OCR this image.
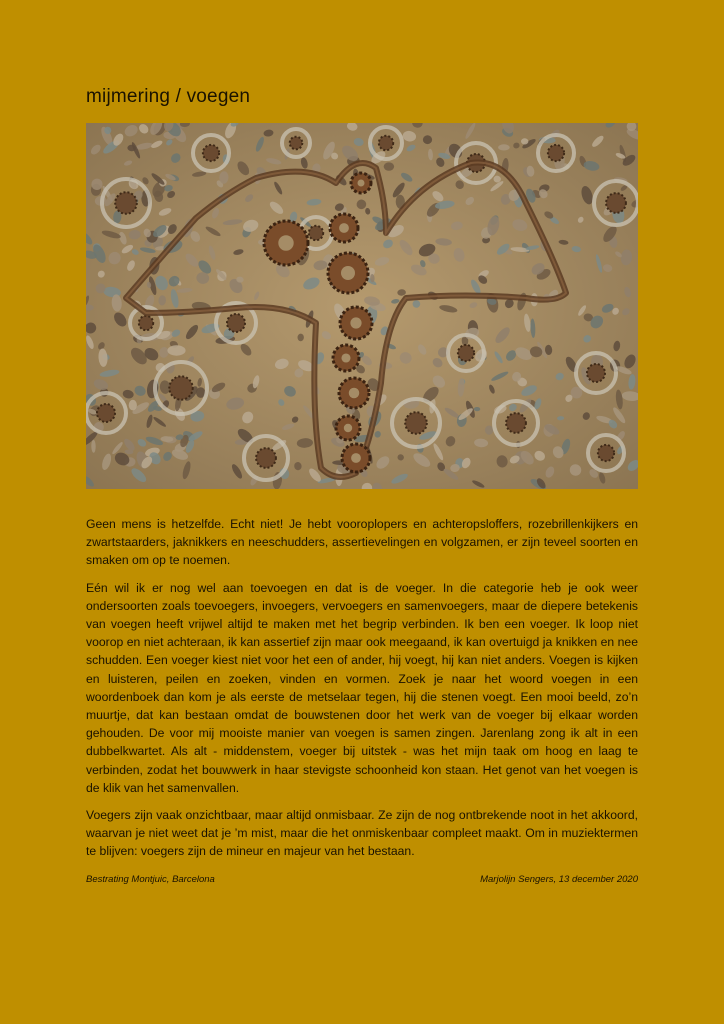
mijmering / voegen

Geen mens is hetzelfde. Echt niet! Je hebt vooroplopers en achteropsloffers, rozebrillenkijkers en zwartstaarders, jaknikkers en neeschudders, assertievelingen en volgzamen, er zijn teveel soorten en smaken om op te noemen.

Eén wil ik er nog wel aan toevoegen en dat is de voeger. In die categorie heb je ook weer ondersoorten zoals toevoegers, invoegers, vervoegers en samenvoegers, maar de diepere betekenis van voegen heeft vrijwel altijd te maken met het begrip verbinden. Ik ben een voeger. Ik loop niet voorop en niet achteraan, ik kan assertief zijn maar ook meegaand, ik kan overtuigd ja knikken en nee schudden. Een voeger kiest niet voor het een of ander, hij voegt, hij kan niet anders. Voegen is kijken en luisteren, peilen en zoeken, vinden en vormen. Zoek je naar het woord voegen in een woordenboek dan kom je als eerste de metselaar tegen, hij die stenen voegt. Een mooi beeld, zo’n muurtje, dat kan bestaan omdat de bouwstenen door het werk van de voeger bij elkaar worden gehouden. De voor mij mooiste manier van voegen is samen zingen. Jarenlang zong ik alt in een dubbelkwartet. Als alt - middenstem, voeger bij uitstek - was het mijn taak om hoog en laag te verbinden, zodat het bouwwerk in haar stevigste schoonheid kon staan. Het genot van het voegen is de klik van het samenvallen.

Voegers zijn vaak onzichtbaar, maar altijd onmisbaar. Ze zijn de nog ontbrekende noot in het akkoord, waarvan je niet weet dat je ’m mist, maar die het onmiskenbaar compleet maakt. Om in muziektermen te blijven: voegers zijn de mineur en majeur van het bestaan.

Bestrating Montjuic, Barcelona	Marjolijn Sengers, 13 december 2020
